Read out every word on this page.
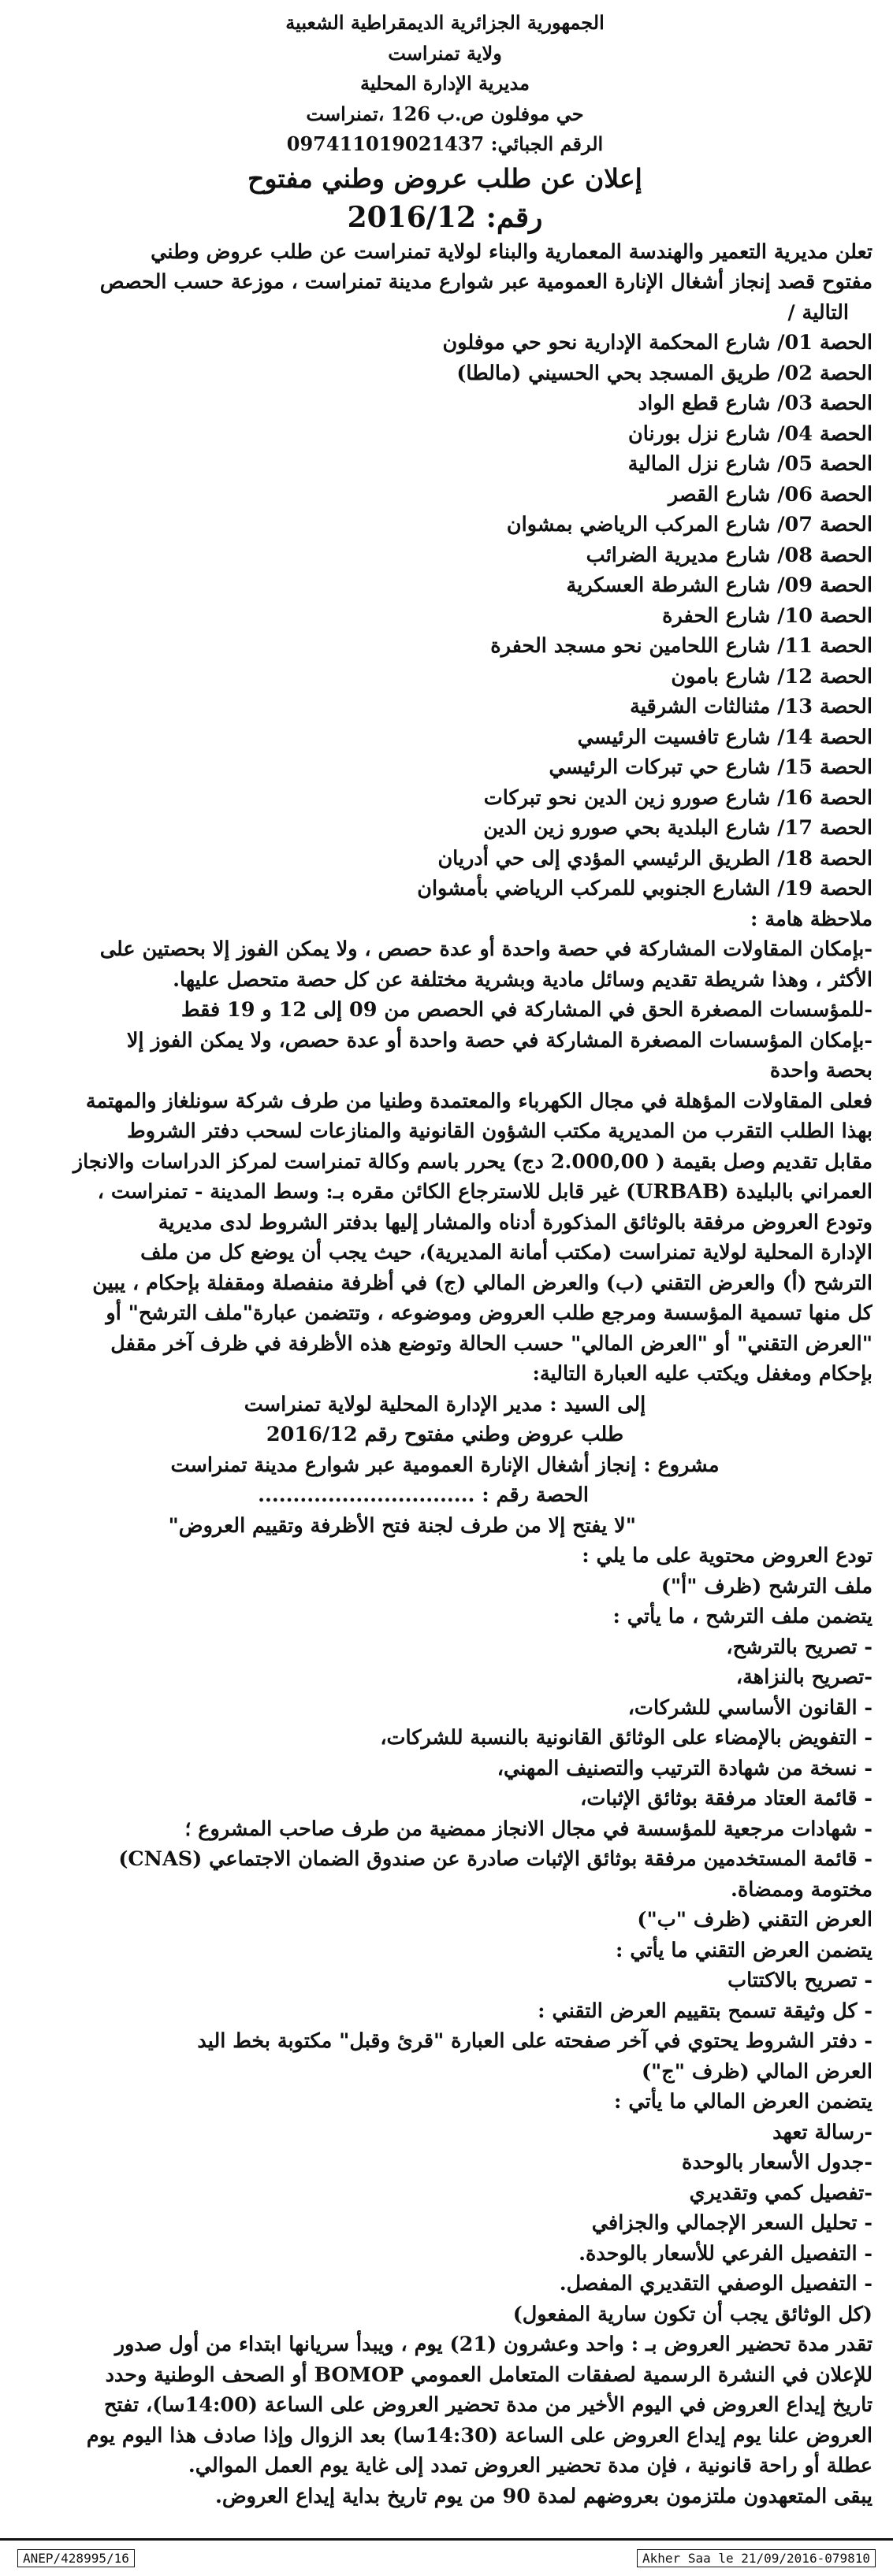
الجمهورية الجزائرية الديمقراطية الشعبية
ولاية تمنراست
مديرية الإدارة المحلية
حي موفلون ص.ب 126 ،تمنراست
الرقم الجبائي: 097411019021437
إعلان عن طلب عروض وطني مفتوح
رقم: 2016/12
تعلن مديرية التعمير والهندسة المعمارية والبناء لولاية تمنراست عن طلب عروض وطني
مفتوح قصد إنجاز أشغال الإنارة العمومية عبر شوارع مدينة تمنراست ، موزعة حسب الحصص
التالية /
الحصة 01/ شارع المحكمة الإدارية نحو حي موفلون
الحصة 02/ طريق المسجد بحي الحسيني (مالطا)
الحصة 03/ شارع قطع الواد
الحصة 04/ شارع نزل بورنان
الحصة 05/ شارع نزل المالية
الحصة 06/ شارع القصر
الحصة 07/ شارع المركب الرياضي بمشوان
الحصة 08/ شارع مديرية الضرائب
الحصة 09/ شارع الشرطة العسكرية
الحصة 10/ شارع الحفرة
الحصة 11/ شارع اللحامين نحو مسجد الحفرة
الحصة 12/ شارع بامون
الحصة 13/ مثنالثات الشرقية
الحصة 14/ شارع تافسيت الرئيسي
الحصة 15/ شارع حي تبركات الرئيسي
الحصة 16/ شارع صورو زين الدين نحو تبركات
الحصة 17/ شارع البلدية بحي صورو زين الدين
الحصة 18/ الطريق الرئيسي المؤدي إلى حي أدريان
الحصة 19/ الشارع الجنوبي للمركب الرياضي بأمشوان
ملاحظة هامة :
-بإمكان المقاولات المشاركة في حصة واحدة أو عدة حصص ، ولا يمكن الفوز إلا بحصتين على
الأكثر ، وهذا شريطة تقديم وسائل مادية وبشرية مختلفة عن كل حصة متحصل عليها.
-للمؤسسات المصغرة الحق في المشاركة في الحصص من 09 إلى 12 و 19 فقط
-بإمكان المؤسسات المصغرة المشاركة في حصة واحدة أو عدة حصص، ولا يمكن الفوز إلا
بحصة واحدة
فعلى المقاولات المؤهلة في مجال الكهرباء والمعتمدة وطنيا من طرف شركة سونلغاز والمهتمة
بهذا الطلب التقرب من المديرية مكتب الشؤون القانونية والمنازعات لسحب دفتر الشروط
مقابل تقديم وصل بقيمة ( 2.000,00 دج) يحرر باسم وكالة تمنراست لمركز الدراسات والانجاز
العمراني بالبليدة (URBAB) غير قابل للاسترجاع الكائن مقره بـ: وسط المدينة - تمنراست ،
وتودع العروض مرفقة بالوثائق المذكورة أدناه والمشار إليها بدفتر الشروط لدى مديرية
الإدارة المحلية لولاية تمنراست (مكتب أمانة المديرية)، حيث يجب أن يوضع كل من ملف
الترشح (أ) والعرض التقني (ب) والعرض المالي (ج) في أظرفة منفصلة ومقفلة بإحكام ، يبين
كل منها تسمية المؤسسة ومرجع طلب العروض وموضوعه ، وتتضمن عبارة"ملف الترشح" أو
"العرض التقني" أو "العرض المالي" حسب الحالة وتوضع هذه الأظرفة في ظرف آخر مقفل
بإحكام ومغفل ويكتب عليه العبارة التالية:
إلى السيد : مدير الإدارة المحلية لولاية تمنراست
طلب عروض وطني مفتوح رقم 2016/12
مشروع : إنجاز أشغال الإنارة العمومية عبر شوارع مدينة تمنراست
الحصة رقم : ...............................
"لا يفتح إلا من طرف لجنة فتح الأظرفة وتقييم العروض"
تودع العروض محتوية على ما يلي :
ملف الترشح (ظرف "أ")
يتضمن ملف الترشح ، ما يأتي :
- تصريح بالترشح،
-تصريح بالنزاهة،
- القانون الأساسي للشركات،
- التفويض بالإمضاء على الوثائق القانونية بالنسبة للشركات،
- نسخة من شهادة الترتيب والتصنيف المهني،
- قائمة العتاد مرفقة بوثائق الإثبات،
- شهادات مرجعية للمؤسسة في مجال الانجاز ممضية من طرف صاحب المشروع ؛
- قائمة المستخدمين مرفقة بوثائق الإثبات صادرة عن صندوق الضمان الاجتماعي (CNAS)
مختومة وممضاة.
العرض التقني (ظرف "ب")
يتضمن العرض التقني ما يأتي :
- تصريح بالاكتتاب
- كل وثيقة تسمح بتقييم العرض التقني :
- دفتر الشروط يحتوي في آخر صفحته على العبارة "قرئ وقبل" مكتوبة بخط اليد
العرض المالي (ظرف "ج")
يتضمن العرض المالي ما يأتي :
-رسالة تعهد
-جدول الأسعار بالوحدة
-تفصيل كمي وتقديري
- تحليل السعر الإجمالي والجزافي
- التفصيل الفرعي للأسعار بالوحدة.
- التفصيل الوصفي التقديري المفصل.
(كل الوثائق يجب أن تكون سارية المفعول)
تقدر مدة تحضير العروض بـ : واحد وعشرون (21) يوم ، ويبدأ سريانها ابتداء من أول صدور
للإعلان في النشرة الرسمية لصفقات المتعامل العمومي BOMOP أو الصحف الوطنية وحدد
تاريخ إيداع العروض في اليوم الأخير من مدة تحضير العروض على الساعة (14:00سا)، تفتح
العروض علنا يوم إيداع العروض على الساعة (14:30سا) بعد الزوال وإذا صادف هذا اليوم يوم
عطلة أو راحة قانونية ، فإن مدة تحضير العروض تمدد إلى غاية يوم العمل الموالي.
يبقى المتعهدون ملتزمون بعروضهم لمدة 90 من يوم تاريخ بداية إيداع العروض.
ANEP/428995/16	Akher Saa le 21/09/2016-079810
